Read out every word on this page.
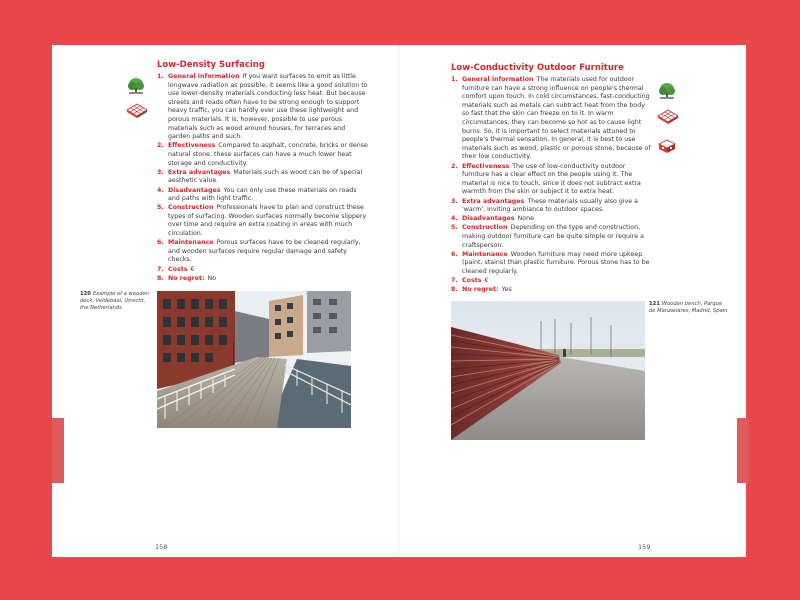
Low-Density Surfacing
1. General information If you want surfaces to emit as little longwave radiation as possible, it seems like a good solution to use lower-density materials conducting less heat. But because streets and roads often have to be strong enough to support heavy traffic, you can hardly ever use these lightweight and porous materials. It is, however, possible to use porous materials such as wood around houses, for terraces and garden paths and such.
2. Effectiveness Compared to asphalt, concrete, bricks or dense natural stone, these surfaces can have a much lower heat storage and conductivity.
3. Extra advantages Materials such as wood can be of special aesthetic value.
4. Disadvantages You can only use these materials on roads and paths with light traffic.
5. Construction Professionals have to plan and construct these types of surfacing. Wooden surfaces normally become slippery over time and require an extra coating in areas with much circulation.
6. Maintenance Porous surfaces have to be cleaned regularly, and wooden surfaces require regular damage and safety checks.
7. Costs €
8. No regret: No

120 Example of a wooden deck, Veldebaai, Utrecht, the Netherlands

158

Low-Conductivity Outdoor Furniture
1. General information The materials used for outdoor furniture can have a strong influence on people's thermal comfort upon touch. In cold circumstances, fast-conducting materials such as metals can subtract heat from the body so fast that the skin can freeze on to it. In warm circumstances, they can become so hot as to cause light burns. So, it is important to select materials attuned to people's thermal sensation. In general, it is best to use materials such as wood, plastic or porous stone, because of their low conductivity.
2. Effectiveness The use of low-conductivity outdoor furniture has a clear effect on the people using it. The material is nice to touch, since it does not subtract extra warmth from the skin or subject it to extra heat.
3. Extra advantages These materials usually also give a 'warm', inviting ambiance to outdoor spaces.
4. Disadvantages None
5. Construction Depending on the type and construction, making outdoor furniture can be quite simple or require a craftsperson.
6. Maintenance Wooden furniture may need more upkeep (paint, stains) than plastic furniture. Porous stone has to be cleaned regularly.
7. Costs €
8. No regret: Yes

121 Wooden bench, Parque de Manzanares, Madrid, Spain

159
